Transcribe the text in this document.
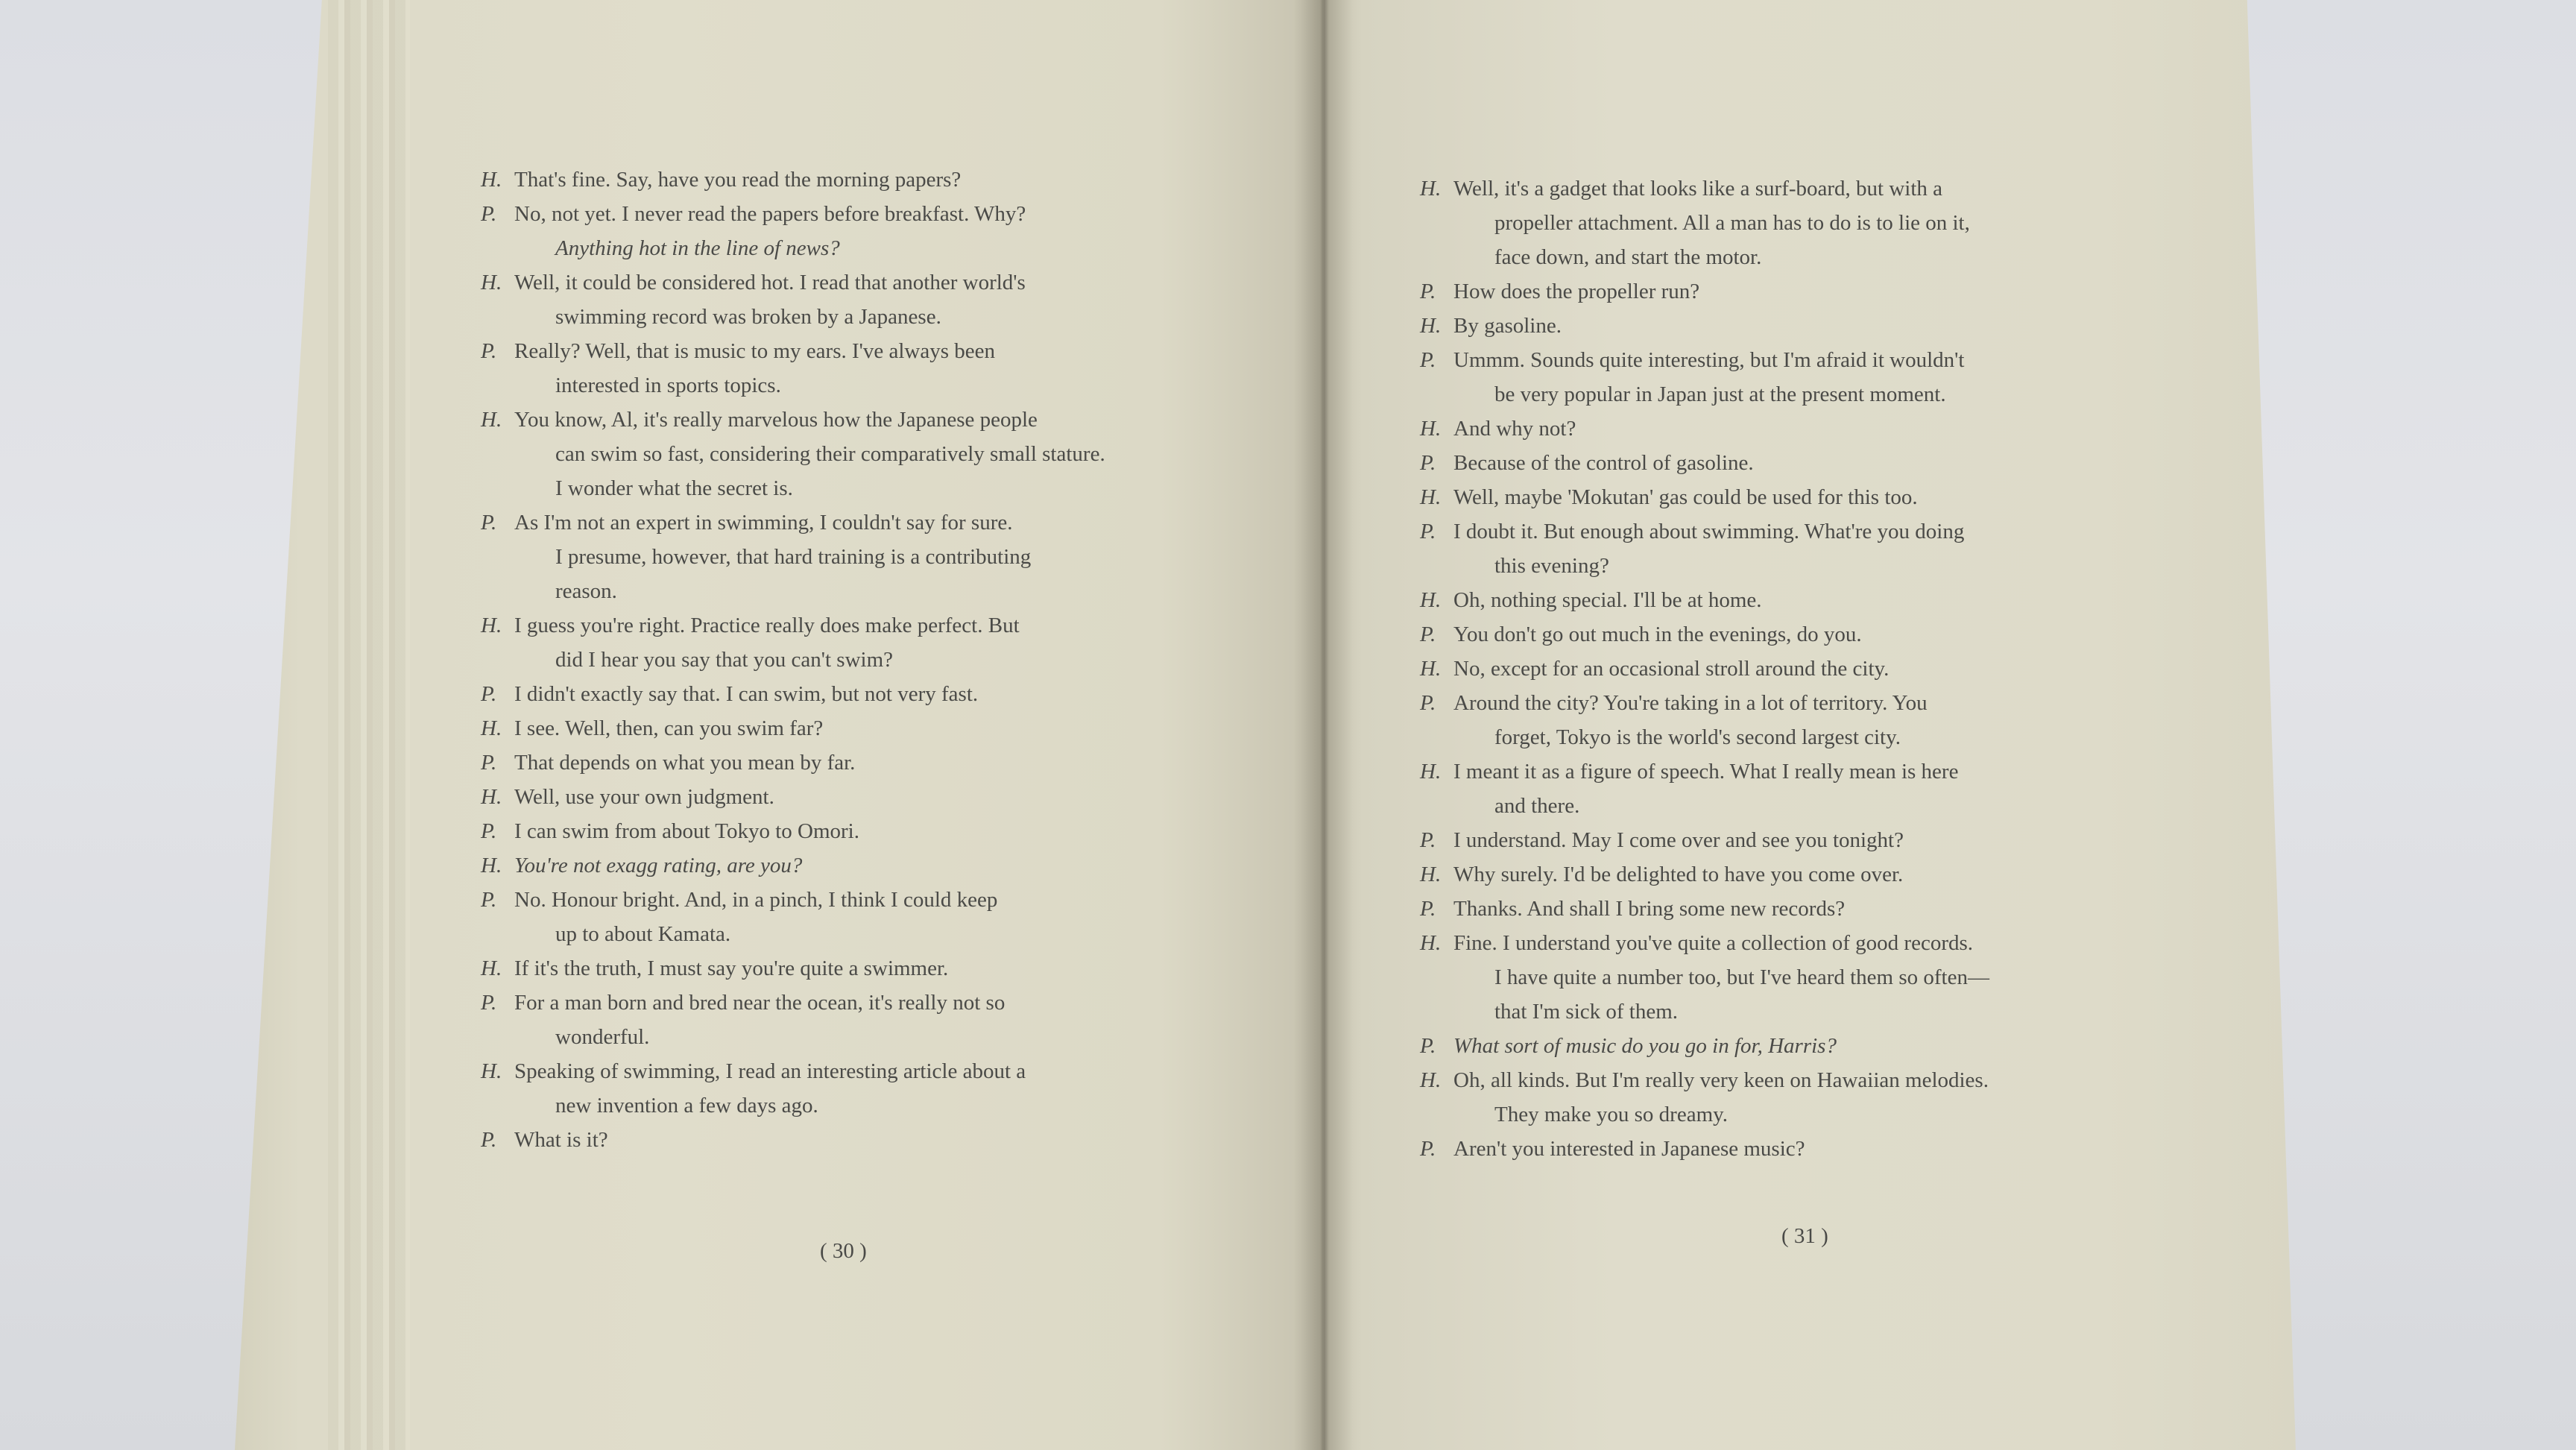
H. That's fine. Say, have you read the morning papers?
P. No, not yet. I never read the papers before breakfast. Why?
Anything hot in the line of news?
H. Well, it could be considered hot. I read that another world's
swimming record was broken by a Japanese.
P. Really? Well, that is music to my ears. I've always been
interested in sports topics.
H. You know, Al, it's really marvelous how the Japanese people
can swim so fast, considering their comparatively small stature.
I wonder what the secret is.
P. As I'm not an expert in swimming, I couldn't say for sure.
I presume, however, that hard training is a contributing
reason.
H. I guess you're right. Practice really does make perfect. But
did I hear you say that you can't swim?
P. I didn't exactly say that. I can swim, but not very fast.
H. I see. Well, then, can you swim far?
P. That depends on what you mean by far.
H. Well, use your own judgment.
P. I can swim from about Tokyo to Omori.
H. You're not exagg rating, are you?
P. No. Honour bright. And, in a pinch, I think I could keep
up to about Kamata.
H. If it's the truth, I must say you're quite a swimmer.
P. For a man born and bred near the ocean, it's really not so
wonderful.
H. Speaking of swimming, I read an interesting article about a
new invention a few days ago.
P. What is it?
( 30 )
H. Well, it's a gadget that looks like a surf-board, but with a
propeller attachment. All a man has to do is to lie on it,
face down, and start the motor.
P. How does the propeller run?
H. By gasoline.
P. Ummm. Sounds quite interesting, but I'm afraid it wouldn't
be very popular in Japan just at the present moment.
H. And why not?
P. Because of the control of gasoline.
H. Well, maybe 'Mokutan' gas could be used for this too.
P. I doubt it. But enough about swimming. What're you doing
this evening?
H. Oh, nothing special. I'll be at home.
P. You don't go out much in the evenings, do you.
H. No, except for an occasional stroll around the city.
P. Around the city? You're taking in a lot of territory. You
forget, Tokyo is the world's second largest city.
H. I meant it as a figure of speech. What I really mean is here
and there.
P. I understand. May I come over and see you tonight?
H. Why surely. I'd be delighted to have you come over.
P. Thanks. And shall I bring some new records?
H. Fine. I understand you've quite a collection of good records.
I have quite a number too, but I've heard them so often—
that I'm sick of them.
P. What sort of music do you go in for, Harris?
H. Oh, all kinds. But I'm really very keen on Hawaiian melodies.
They make you so dreamy.
P. Aren't you interested in Japanese music?
( 31 )
